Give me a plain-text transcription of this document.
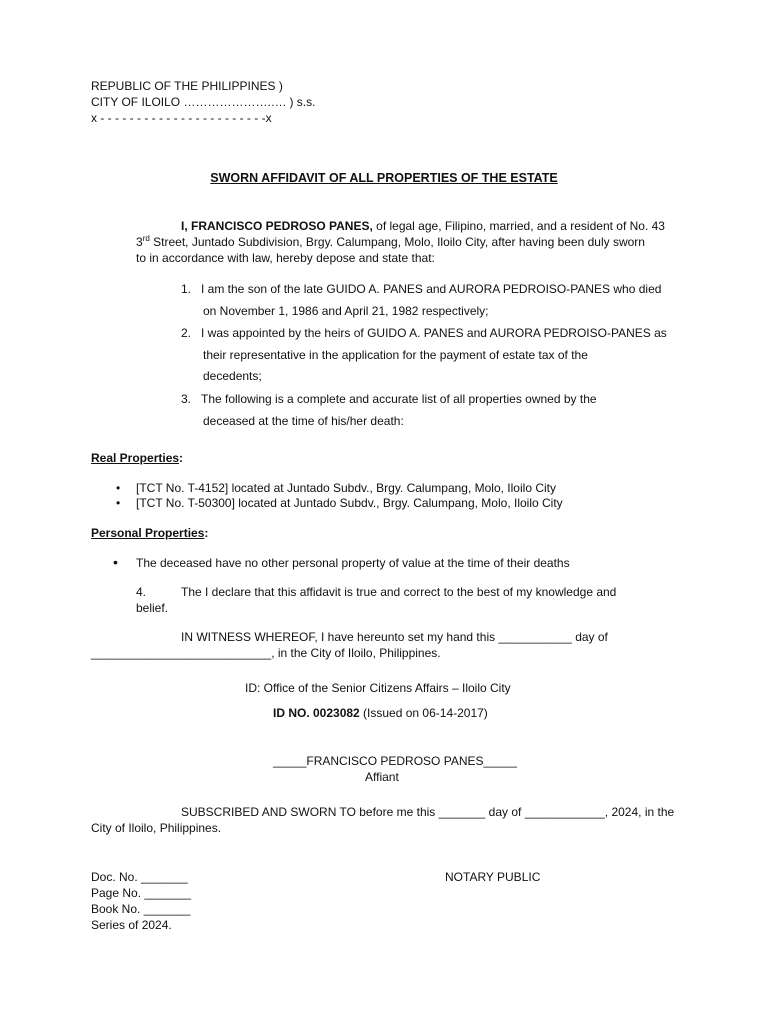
REPUBLIC OF THE PHILIPPINES )
CITY OF ILOILO ………………….…. ) s.s.
x - - - - - - - - - - - - - - - - - - - - - - -x
SWORN AFFIDAVIT OF ALL PROPERTIES OF THE ESTATE
I, FRANCISCO PEDROSO PANES, of legal age, Filipino, married, and a resident of No. 43
3rd Street, Juntado Subdivision, Brgy. Calumpang, Molo, Iloilo City, after having been duly sworn
to in accordance with law, hereby depose and state that:
1. I am the son of the late GUIDO A. PANES and AURORA PEDROISO-PANES who died
on November 1, 1986 and April 21, 1982 respectively;
2. I was appointed by the heirs of GUIDO A. PANES and AURORA PEDROISO-PANES as
their representative in the application for the payment of estate tax of the
decedents;
3. The following is a complete and accurate list of all properties owned by the
deceased at the time of his/her death:
Real Properties:
• [TCT No. T-4152] located at Juntado Subdv., Brgy. Calumpang, Molo, Iloilo City
• [TCT No. T-50300] located at Juntado Subdv., Brgy. Calumpang, Molo, Iloilo City
Personal Properties:
• The deceased have no other personal property of value at the time of their deaths
4.	The I declare that this affidavit is true and correct to the best of my knowledge and
belief.
IN WITNESS WHEREOF, I have hereunto set my hand this ___________ day of
___________________________, in the City of Iloilo, Philippines.
ID: Office of the Senior Citizens Affairs – Iloilo City
ID NO. 0023082 (Issued on 06-14-2017)
_____FRANCISCO PEDROSO PANES_____
Affiant
SUBSCRIBED AND SWORN TO before me this _______ day of ____________, 2024, in the
City of Iloilo, Philippines.
Doc. No. _______
Page No. _______
Book No. _______
Series of 2024.
NOTARY PUBLIC
